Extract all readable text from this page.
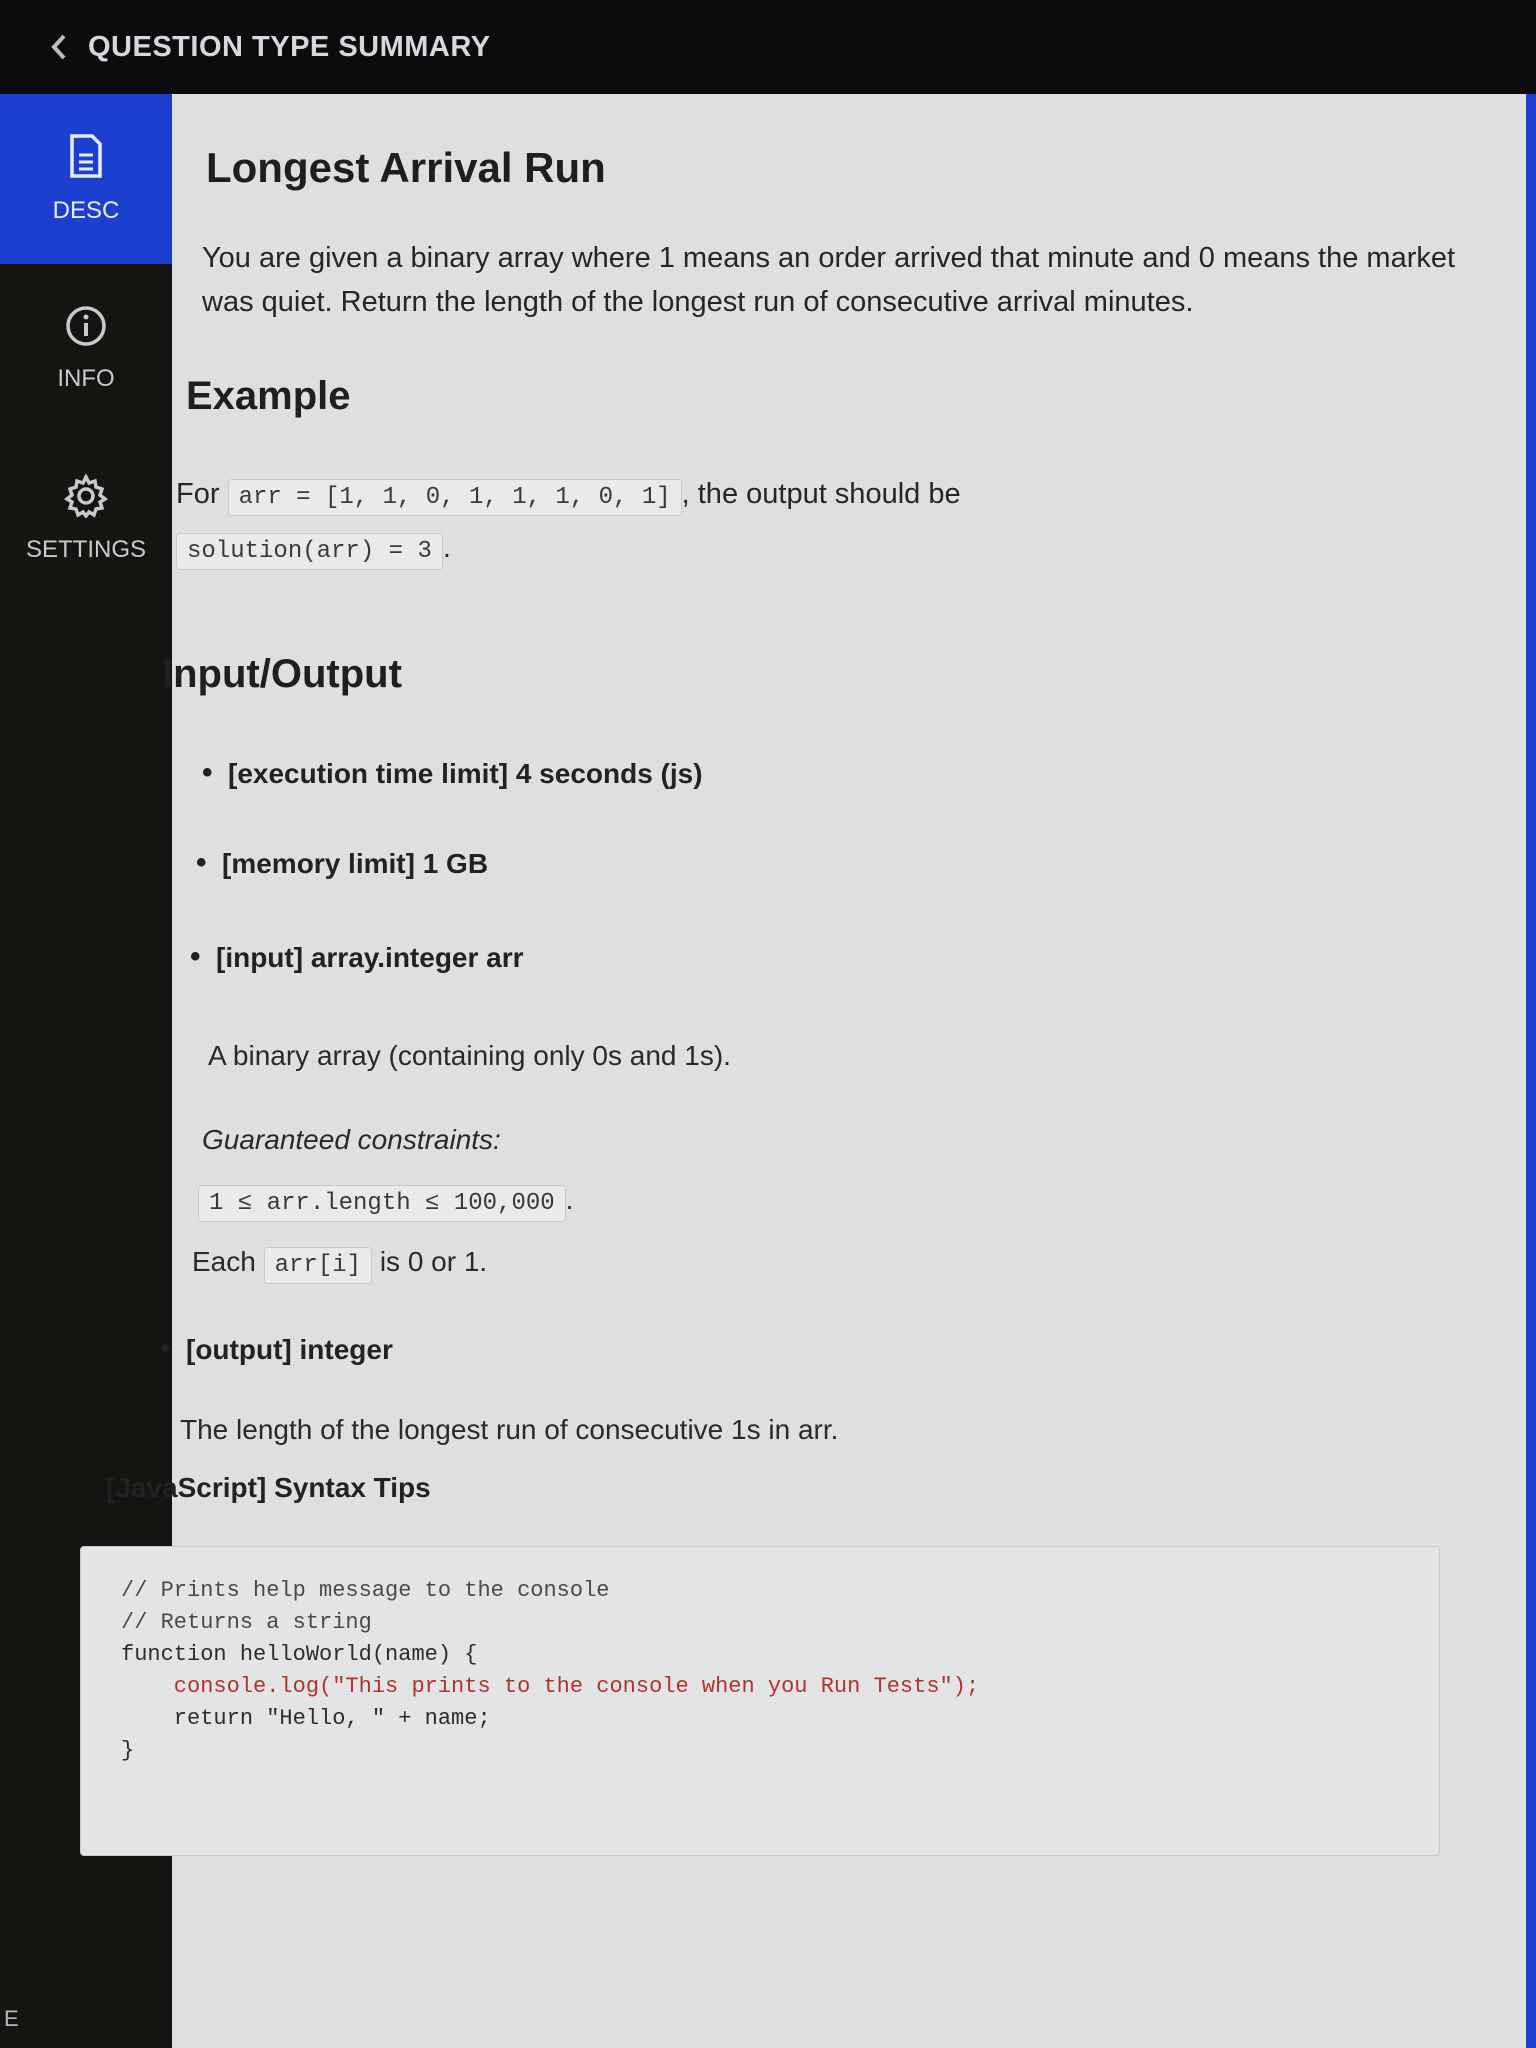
QUESTION TYPE SUMMARY
DESC
INFO
SETTINGS
E
Longest Arrival Run
You are given a binary array where 1 means an order arrived that minute and 0 means the market was quiet. Return the length of the longest run of consecutive arrival minutes.
Example
For arr = [1, 1, 0, 1, 1, 1, 0, 1] , the output should be
solution(arr) = 3 .
Input/Output
• [execution time limit] 4 seconds (js)
• [memory limit] 1 GB
• [input] array.integer arr
A binary array (containing only 0s and 1s).
Guaranteed constraints:
1 ≤ arr.length ≤ 100,000 .
Each arr[i] is 0 or 1.
• [output] integer
The length of the longest run of consecutive 1s in arr.
[JavaScript] Syntax Tips
// Prints help message to the console
// Returns a string
function helloWorld(name) {
console.log("This prints to the console when you Run Tests");
return "Hello, " + name;
}
